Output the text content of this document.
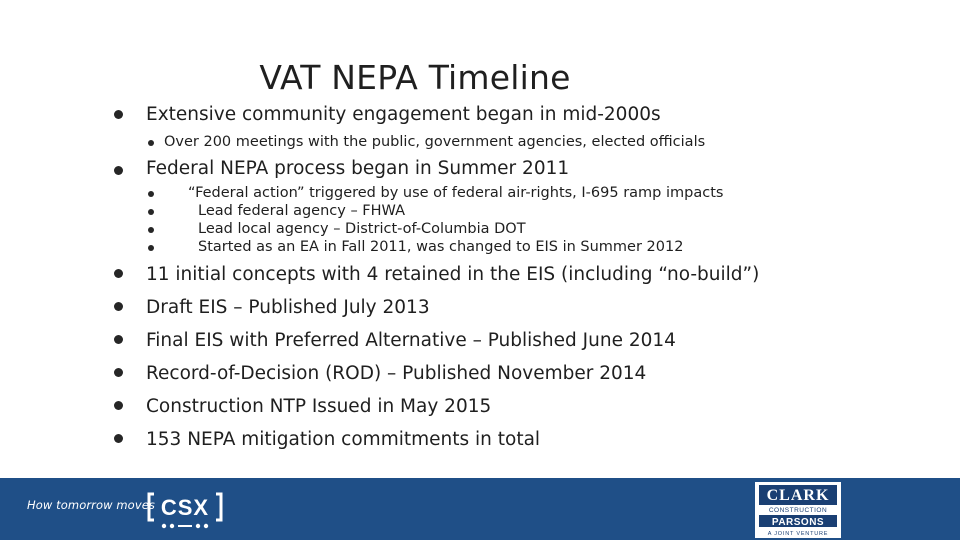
VAT NEPA Timeline
Extensive community engagement began in mid-2000s
Over 200 meetings with the public, government agencies, elected officials
Federal NEPA process began in Summer 2011
“Federal action” triggered by use of federal air-rights, I-695 ramp impacts
Lead federal agency – FHWA
Lead local agency – District-of-Columbia DOT
Started as an EA in Fall 2011, was changed to EIS in Summer 2012
11 initial concepts with 4 retained in the EIS (including “no-build”)
Draft EIS – Published July 2013
Final EIS with Preferred Alternative – Published June 2014
Record-of-Decision (ROD) – Published November 2014
Construction NTP Issued in May 2015
153 NEPA mitigation commitments in total
How tomorrow moves CSX	CLARK
CONSTRUCTION
PARSONS
A JOINT VENTURE
